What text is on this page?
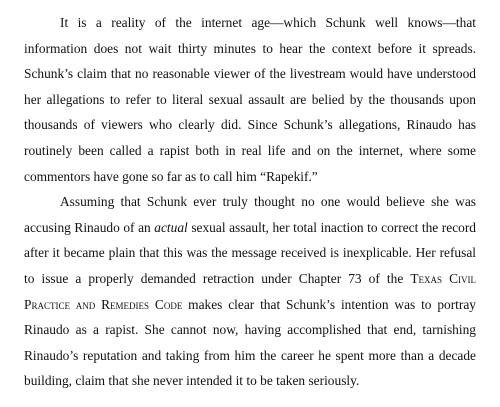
It is a reality of the internet age—which Schunk well knows—that information does not wait thirty minutes to hear the context before it spreads. Schunk’s claim that no reasonable viewer of the livestream would have understood her allegations to refer to literal sexual assault are belied by the thousands upon thousands of viewers who clearly did. Since Schunk’s allegations, Rinaudo has routinely been called a rapist both in real life and on the internet, where some commentors have gone so far as to call him “Rapekif.”

Assuming that Schunk ever truly thought no one would believe she was accusing Rinaudo of an actual sexual assault, her total inaction to correct the record after it became plain that this was the message received is inexplicable. Her refusal to issue a properly demanded retraction under Chapter 73 of the Texas Civil Practice and Remedies Code makes clear that Schunk’s intention was to portray Rinaudo as a rapist. She cannot now, having accomplished that end, tarnishing Rinaudo’s reputation and taking from him the career he spent more than a decade building, claim that she never intended it to be taken seriously.
